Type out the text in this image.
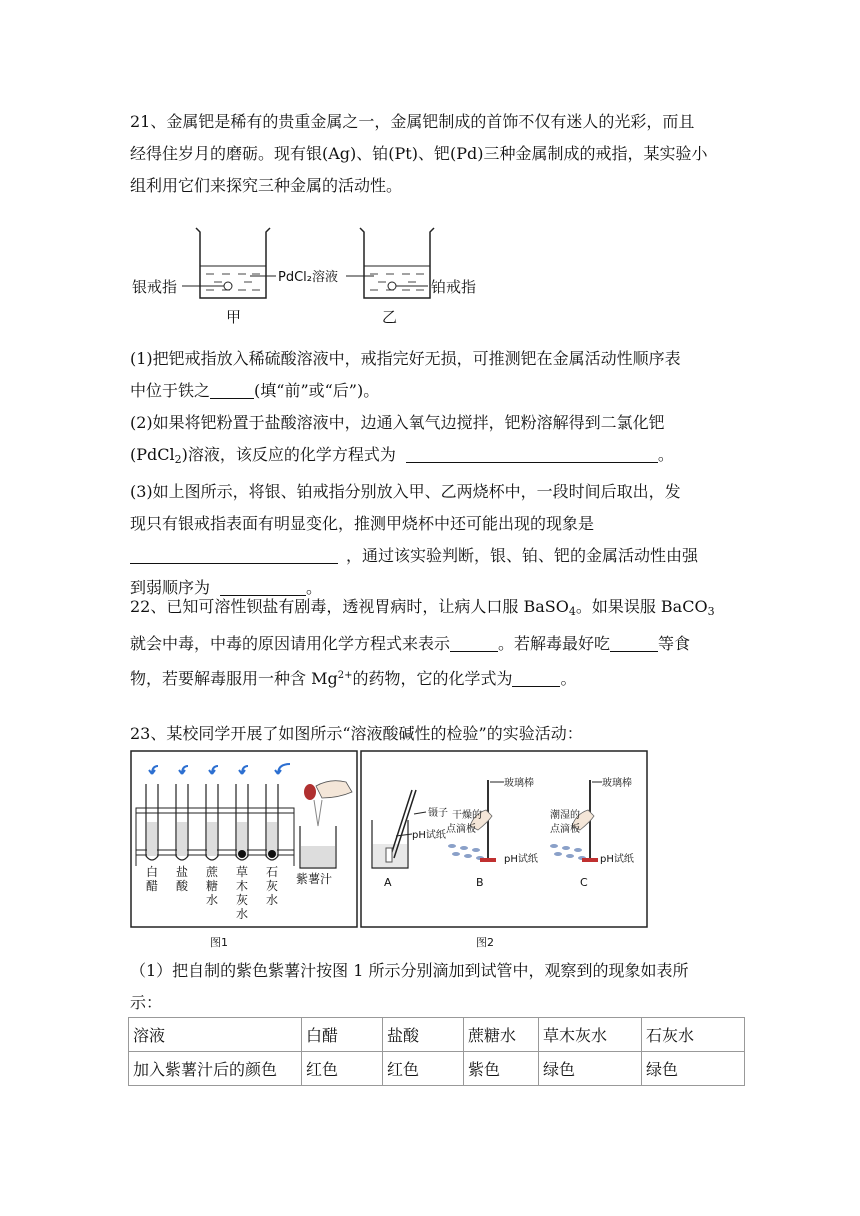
21、金属钯是稀有的贵重金属之一，金属钯制成的首饰不仅有迷人的光彩，而且
经得住岁月的磨砺。现有银(Ag)、铂(Pt)、钯(Pd)三种金属制成的戒指，某实验小
组利用它们来探究三种金属的活动性。
PdCl₂溶液
银戒指	铂戒指
甲	乙
(1)把钯戒指放入稀硫酸溶液中，戒指完好无损，可推测钯在金属活动性顺序表
中位于铁之	(填“前”或“后”)。
(2)如果将钯粉置于盐酸溶液中，边通入氧气边搅拌，钯粉溶解得到二氯化钯
(PdCl$_2$)溶液，该反应的化学方程式为	。
(3)如上图所示，将银、铂戒指分别放入甲、乙两烧杯中，一段时间后取出，发
现只有银戒指表面有明显变化，推测甲烧杯中还可能出现的现象是
，通过该实验判断，银、铂、钯的金属活动性由强
到弱顺序为	。
22、已知可溶性钡盐有剧毒，透视胃病时，让病人口服 BaSO$_4$。如果误服 BaCO$_3$
就会中毒，中毒的原因请用化学方程式来表示	。若解毒最好吃	等食
物，若要解毒服用一种含 $Mg^{2+}$的药物，它的化学式为	。
23、某校同学开展了如图所示“溶液酸碱性的检验”的实验活动：
白醋
盐酸
蔗糖水
草木灰水
石灰水
紫薯汁
图1
镊子
pH试纸
A
玻璃棒
干燥的
点滴板
pH试纸
B
玻璃棒
潮湿的
点滴板
pH试纸
C
图2
（1）把自制的紫色紫薯汁按图 1 所示分别滴加到试管中，观察到的现象如表所
示：
溶液	白醋	盐酸	蔗糖水	草木灰水	石灰水
加入紫薯汁后的颜色	红色	红色	紫色	绿色	绿色
